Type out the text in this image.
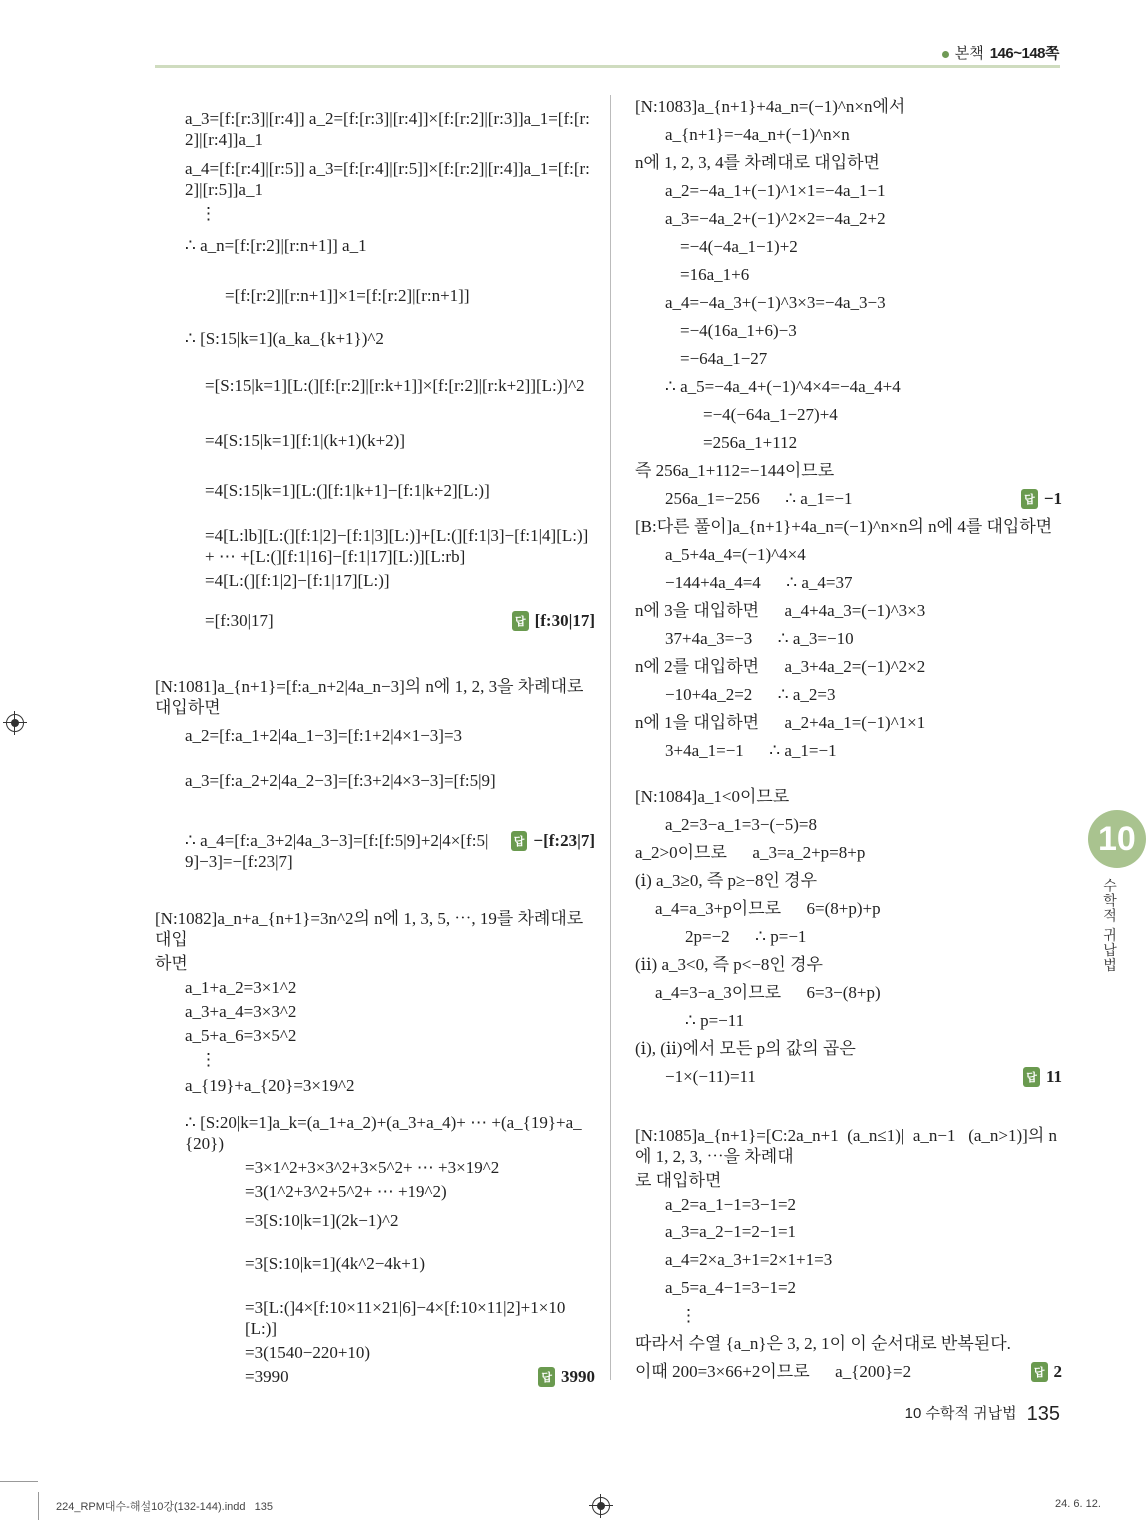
본책 146~148쪽
a_3=[f:[r:3]|[r:4]] a_2=[f:[r:3]|[r:4]]×[f:[r:2]|[r:3]]a_1=[f:[r:2]|[r:4]]a_1
a_4=[f:[r:4]|[r:5]] a_3=[f:[r:4]|[r:5]]×[f:[r:2]|[r:4]]a_1=[f:[r:2]|[r:5]]a_1
⋮
∴ a_n=[f:[r:2]|[r:n+1]] a_1
=[f:[r:2]|[r:n+1]]×1=[f:[r:2]|[r:n+1]]
∴ [S:15|k=1](a_ka_{k+1})^2
=[S:15|k=1][L:(][f:[r:2]|[r:k+1]]×[f:[r:2]|[r:k+2]][L:)]^2
=4[S:15|k=1][f:1|(k+1)(k+2)]
=4[S:15|k=1][L:(][f:1|k+1]−[f:1|k+2][L:)]
=4[L:lb][L:(][f:1|2]−[f:1|3][L:)]+[L:(][f:1|3]−[f:1|4][L:)]+ ⋯ +[L:(][f:1|16]−[f:1|17][L:)][L:rb]
=4[L:(][f:1|2]−[f:1|17][L:)]
=[f:30|17]	답 [f:30|17]
[N:1081]a_{n+1}=[f:a_n+2|4a_n−3]의 n에 1, 2, 3을 차례대로 대입하면
a_2=[f:a_1+2|4a_1−3]=[f:1+2|4×1−3]=3
a_3=[f:a_2+2|4a_2−3]=[f:3+2|4×3−3]=[f:5|9]
∴ a_4=[f:a_3+2|4a_3−3]=[f:[f:5|9]+2|4×[f:5|9]−3]=−[f:23|7]
답 −[f:23|7]
[N:1082]a_n+a_{n+1}=3n^2의 n에 1, 3, 5, ⋯, 19를 차례대로 대입
하면
a_1+a_2=3×1^2
a_3+a_4=3×3^2
a_5+a_6=3×5^2
⋮
a_{19}+a_{20}=3×19^2
∴ [S:20|k=1]a_k=(a_1+a_2)+(a_3+a_4)+ ⋯ +(a_{19}+a_{20})
=3×1^2+3×3^2+3×5^2+ ⋯ +3×19^2
=3(1^2+3^2+5^2+ ⋯ +19^2)
=3[S:10|k=1](2k−1)^2
=3[S:10|k=1](4k^2−4k+1)
=3[L:(]4×[f:10×11×21|6]−4×[f:10×11|2]+1×10[L:)]
=3(1540−220+10)
=3990	답 3990
[N:1083]a_{n+1}+4a_n=(−1)^n×n에서
a_{n+1}=−4a_n+(−1)^n×n
n에 1, 2, 3, 4를 차례대로 대입하면
a_2=−4a_1+(−1)^1×1=−4a_1−1
a_3=−4a_2+(−1)^2×2=−4a_2+2
=−4(−4a_1−1)+2
=16a_1+6
a_4=−4a_3+(−1)^3×3=−4a_3−3
=−4(16a_1+6)−3
=−64a_1−27
∴ a_5=−4a_4+(−1)^4×4=−4a_4+4
=−4(−64a_1−27)+4
=256a_1+112
즉 256a_1+112=−144이므로
256a_1=−256      ∴ a_1=−1	답 −1
[B:다른 풀이]a_{n+1}+4a_n=(−1)^n×n의 n에 4를 대입하면
a_5+4a_4=(−1)^4×4
−144+4a_4=4      ∴ a_4=37
n에 3을 대입하면      a_4+4a_3=(−1)^3×3
37+4a_3=−3      ∴ a_3=−10
n에 2를 대입하면      a_3+4a_2=(−1)^2×2
−10+4a_2=2      ∴ a_2=3
n에 1을 대입하면      a_2+4a_1=(−1)^1×1
3+4a_1=−1      ∴ a_1=−1
[N:1084]a_1<0이므로
a_2=3−a_1=3−(−5)=8
a_2>0이므로      a_3=a_2+p=8+p
(ⅰ) a_3≥0, 즉 p≥−8인 경우
a_4=a_3+p이므로      6=(8+p)+p
2p=−2      ∴ p=−1
(ⅱ) a_3<0, 즉 p<−8인 경우
a_4=3−a_3이므로      6=3−(8+p)
∴ p=−11
(ⅰ), (ⅱ)에서 모든 p의 값의 곱은
−1×(−11)=11	답 11
[N:1085]a_{n+1}=[C:2a_n+1  (a_n≤1)|  a_n−1   (a_n>1)]의 n에 1, 2, 3, ⋯을 차례대
로 대입하면
a_2=a_1−1=3−1=2
a_3=a_2−1=2−1=1
a_4=2×a_3+1=2×1+1=3
a_5=a_4−1=3−1=2
⋮
따라서 수열 {a_n}은 3, 2, 1이 이 순서대로 반복된다.
이때 200=3×66+2이므로      a_{200}=2	답 2
10
수학적 귀납법
10 수학적 귀납법 135
224_RPM대수-해설10강(132-144).indd   135	24. 6. 12.
